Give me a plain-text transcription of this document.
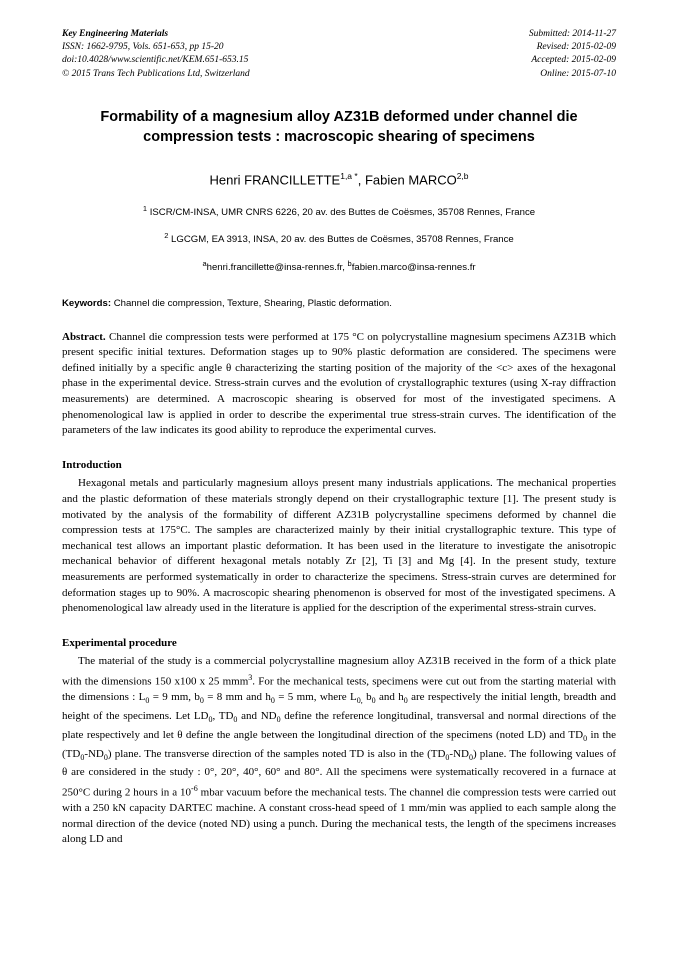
Key Engineering Materials
ISSN: 1662-9795, Vols. 651-653, pp 15-20
doi:10.4028/www.scientific.net/KEM.651-653.15
© 2015 Trans Tech Publications Ltd, Switzerland
Submitted: 2014-11-27
Revised: 2015-02-09
Accepted: 2015-02-09
Online: 2015-07-10
Formability of a magnesium alloy AZ31B deformed under channel die compression tests : macroscopic shearing of specimens
Henri $FRANCILLETTE^{1,a *}$, Fabien MARCO$^{2,b}$
$^1$ ISCR/CM-INSA, UMR CNRS 6226, 20 av. des Buttes de Coësmes, 35708 Rennes, France
$^2$ LGCGM, EA 3913, INSA, 20 av. des Buttes de Coësmes, 35708 Rennes, France
$^a$henri.francillette@insa-rennes.fr, $^b$fabien.marco@insa-rennes.fr
Keywords: Channel die compression, Texture, Shearing, Plastic deformation.
Abstract. Channel die compression tests were performed at 175 °C on polycrystalline magnesium specimens AZ31B which present specific initial textures. Deformation stages up to 90% plastic deformation are considered. The specimens were defined initially by a specific angle θ characterizing the starting position of the majority of the <c> axes of the hexagonal phase in the experimental device. Stress-strain curves and the evolution of crystallographic textures (using X-ray diffraction measurements) are determined. A macroscopic shearing is observed for most of the investigated specimens. A phenomenological law is applied in order to describe the experimental true stress-strain curves. The identification of the parameters of the law indicates its good ability to reproduce the experimental curves.
Introduction
Hexagonal metals and particularly magnesium alloys present many industrials applications. The mechanical properties and the plastic deformation of these materials strongly depend on their crystallographic texture [1]. The present study is motivated by the analysis of the formability of different AZ31B polycrystalline specimens deformed by channel die compression tests at 175°C. The samples are characterized mainly by their initial crystallographic texture. This type of mechanical test allows an important plastic deformation. It has been used in the literature to investigate the anisotropic mechanical behavior of different hexagonal metals notably Zr [2], Ti [3] and Mg [4]. In the present study, texture measurements are performed systematically in order to characterize the specimens. Stress-strain curves are determined for deformation stages up to 90%. A macroscopic shearing phenomenon is observed for most of the investigated specimens. A phenomenological law already used in the literature is applied for the description of the experimental stress-strain curves.
Experimental procedure
The material of the study is a commercial polycrystalline magnesium alloy AZ31B received in the form of a thick plate with the dimensions 150 x100 x 25 mmm$^3$. For the mechanical tests, specimens were cut out from the starting material with the dimensions : $L_0 = 9$ mm, $b_0 = 8$ mm and $h_0 = 5$ mm, where $L_{0,}$ $b_0$ and $h_0$ are respectively the initial length, breadth and height of the specimens. Let $LD_0$, $TD_0$ and $ND_0$ define the reference longitudinal, transversal and normal directions of the plate respectively and let θ define the angle between the longitudinal direction of the specimens (noted LD) and $TD_0$ in the $(TD_0-ND_0)$ plane. The transverse direction of the samples noted TD is also in the $(TD_0-ND_0)$ plane. The following values of θ are considered in the study : 0°, 20°, 40°, 60° and 80°. All the specimens were systematically recovered in a furnace at 250°C during 2 hours in a $10^{-6}$ mbar vacuum before the mechanical tests. The channel die compression tests were carried out with a 250 kN capacity DARTEC machine. A constant cross-head speed of 1 mm/min was applied to each sample along the normal direction of the device (noted ND) using a punch. During the mechanical tests, the length of the specimens increases along LD and
